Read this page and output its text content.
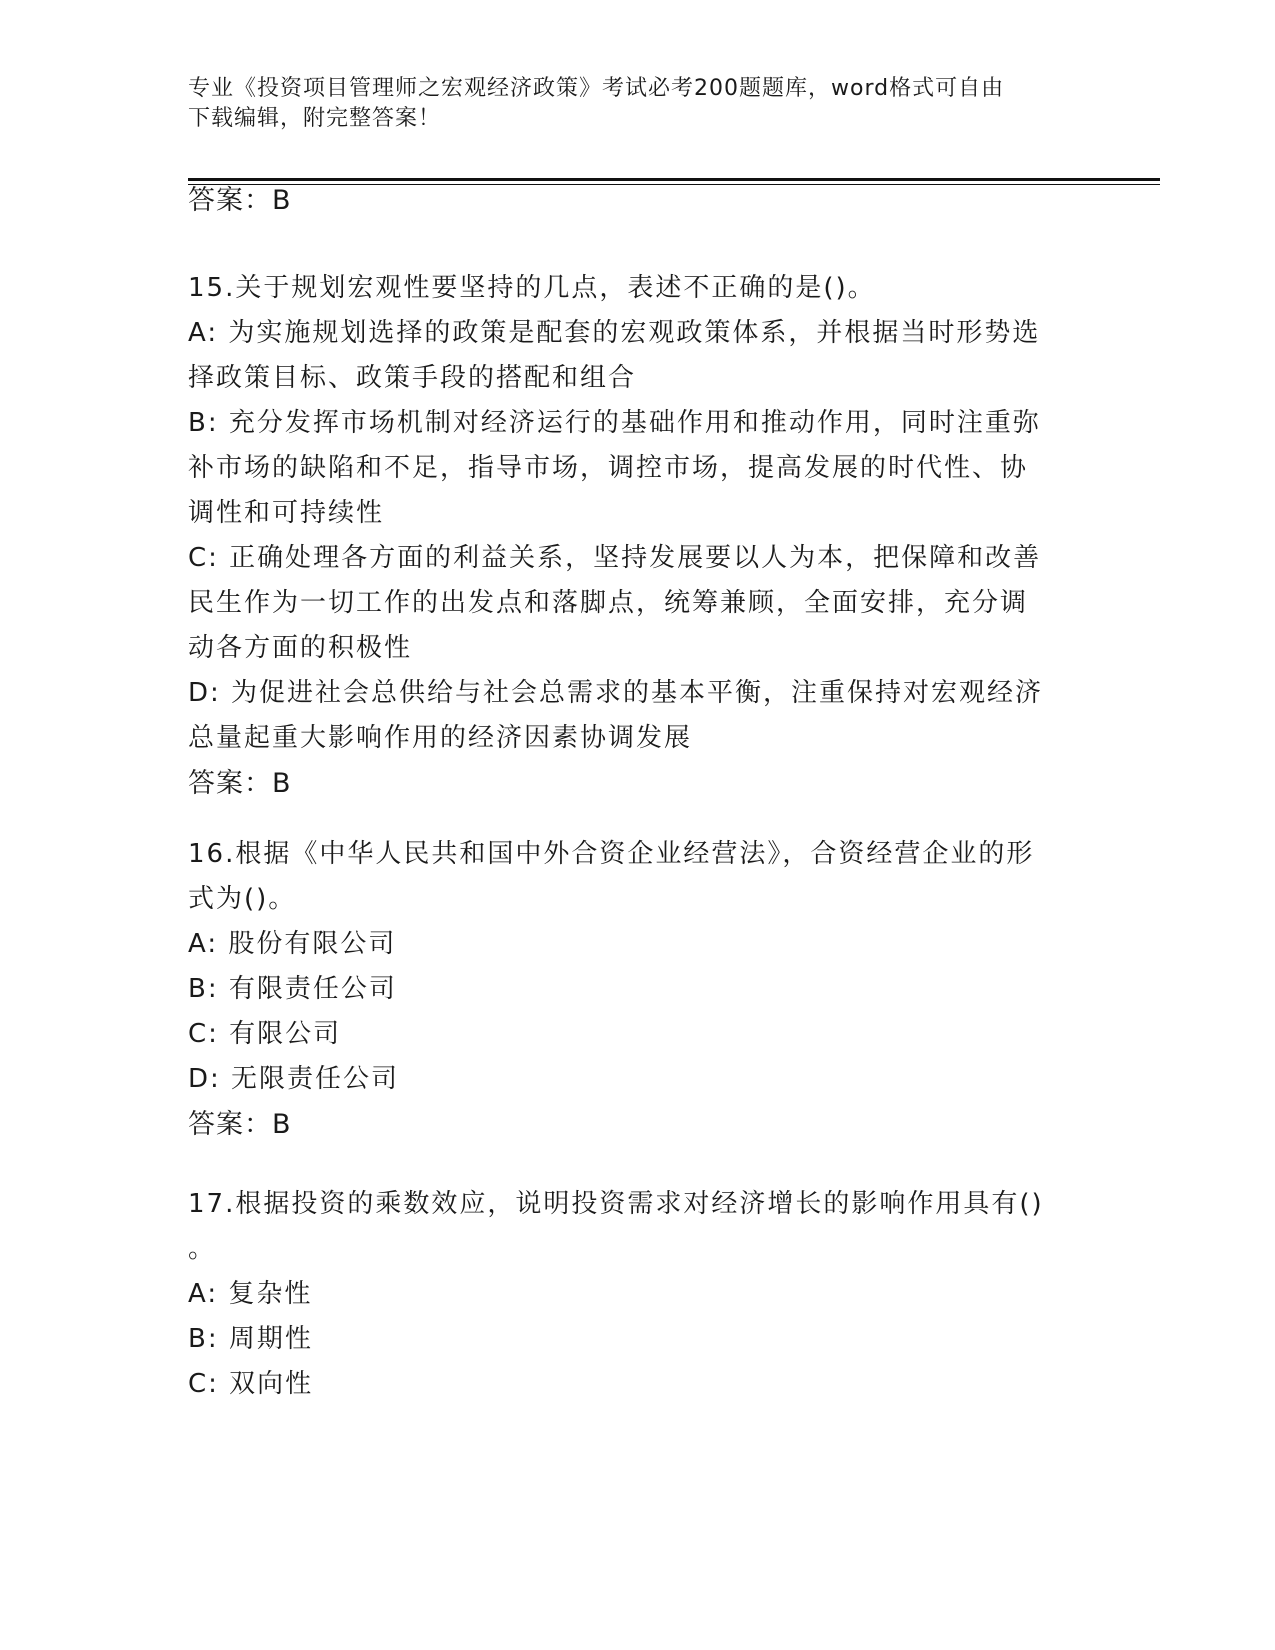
专业《投资项目管理师之宏观经济政策》考试必考200题题库，word格式可自由
下载编辑，附完整答案！
答案：B
15.关于规划宏观性要坚持的几点，表述不正确的是()。
A: 为实施规划选择的政策是配套的宏观政策体系，并根据当时形势选
择政策目标、政策手段的搭配和组合
B: 充分发挥市场机制对经济运行的基础作用和推动作用，同时注重弥
补市场的缺陷和不足，指导市场，调控市场，提高发展的时代性、协
调性和可持续性
C: 正确处理各方面的利益关系，坚持发展要以人为本，把保障和改善
民生作为一切工作的出发点和落脚点，统筹兼顾，全面安排，充分调
动各方面的积极性
D: 为促进社会总供给与社会总需求的基本平衡，注重保持对宏观经济
总量起重大影响作用的经济因素协调发展
答案：B
16.根据《中华人民共和国中外合资企业经营法》，合资经营企业的形
式为()。
A: 股份有限公司
B: 有限责任公司
C: 有限公司
D: 无限责任公司
答案：B
17.根据投资的乘数效应，说明投资需求对经济增长的影响作用具有()
。
A: 复杂性
B: 周期性
C: 双向性
